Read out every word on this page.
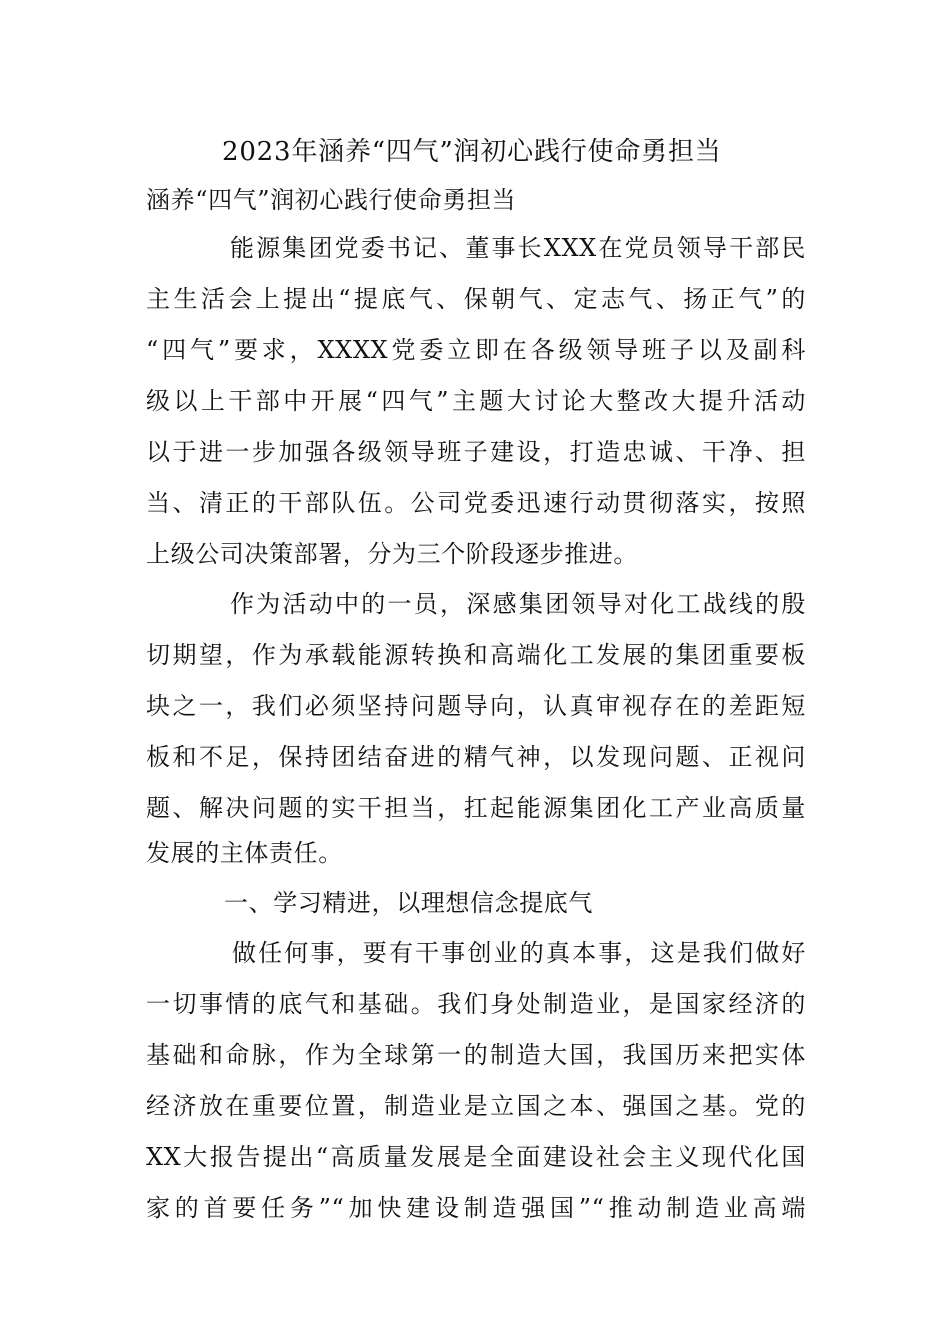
2023年涵养“四气”润初心践行使命勇担当
涵养“四气”润初心践行使命勇担当
能源集团党委书记、董事长XXX在党员领导干部民
主生活会上提出“提底气、保朝气、定志气、扬正气”的
“四气”要求，XXXX党委立即在各级领导班子以及副科
级以上干部中开展“四气”主题大讨论大整改大提升活动
以于进一步加强各级领导班子建设，打造忠诚、干净、担
当、清正的干部队伍。公司党委迅速行动贯彻落实，按照
上级公司决策部署，分为三个阶段逐步推进。
作为活动中的一员，深感集团领导对化工战线的殷
切期望，作为承载能源转换和高端化工发展的集团重要板
块之一，我们必须坚持问题导向，认真审视存在的差距短
板和不足，保持团结奋进的精气神，以发现问题、正视问
题、解决问题的实干担当，扛起能源集团化工产业高质量
发展的主体责任。
一、学习精进，以理想信念提底气
做任何事，要有干事创业的真本事，这是我们做好
一切事情的底气和基础。我们身处制造业，是国家经济的
基础和命脉，作为全球第一的制造大国，我国历来把实体
经济放在重要位置，制造业是立国之本、强国之基。党的
XX大报告提出“高质量发展是全面建设社会主义现代化国
家的首要任务”“加快建设制造强国”“推动制造业高端
